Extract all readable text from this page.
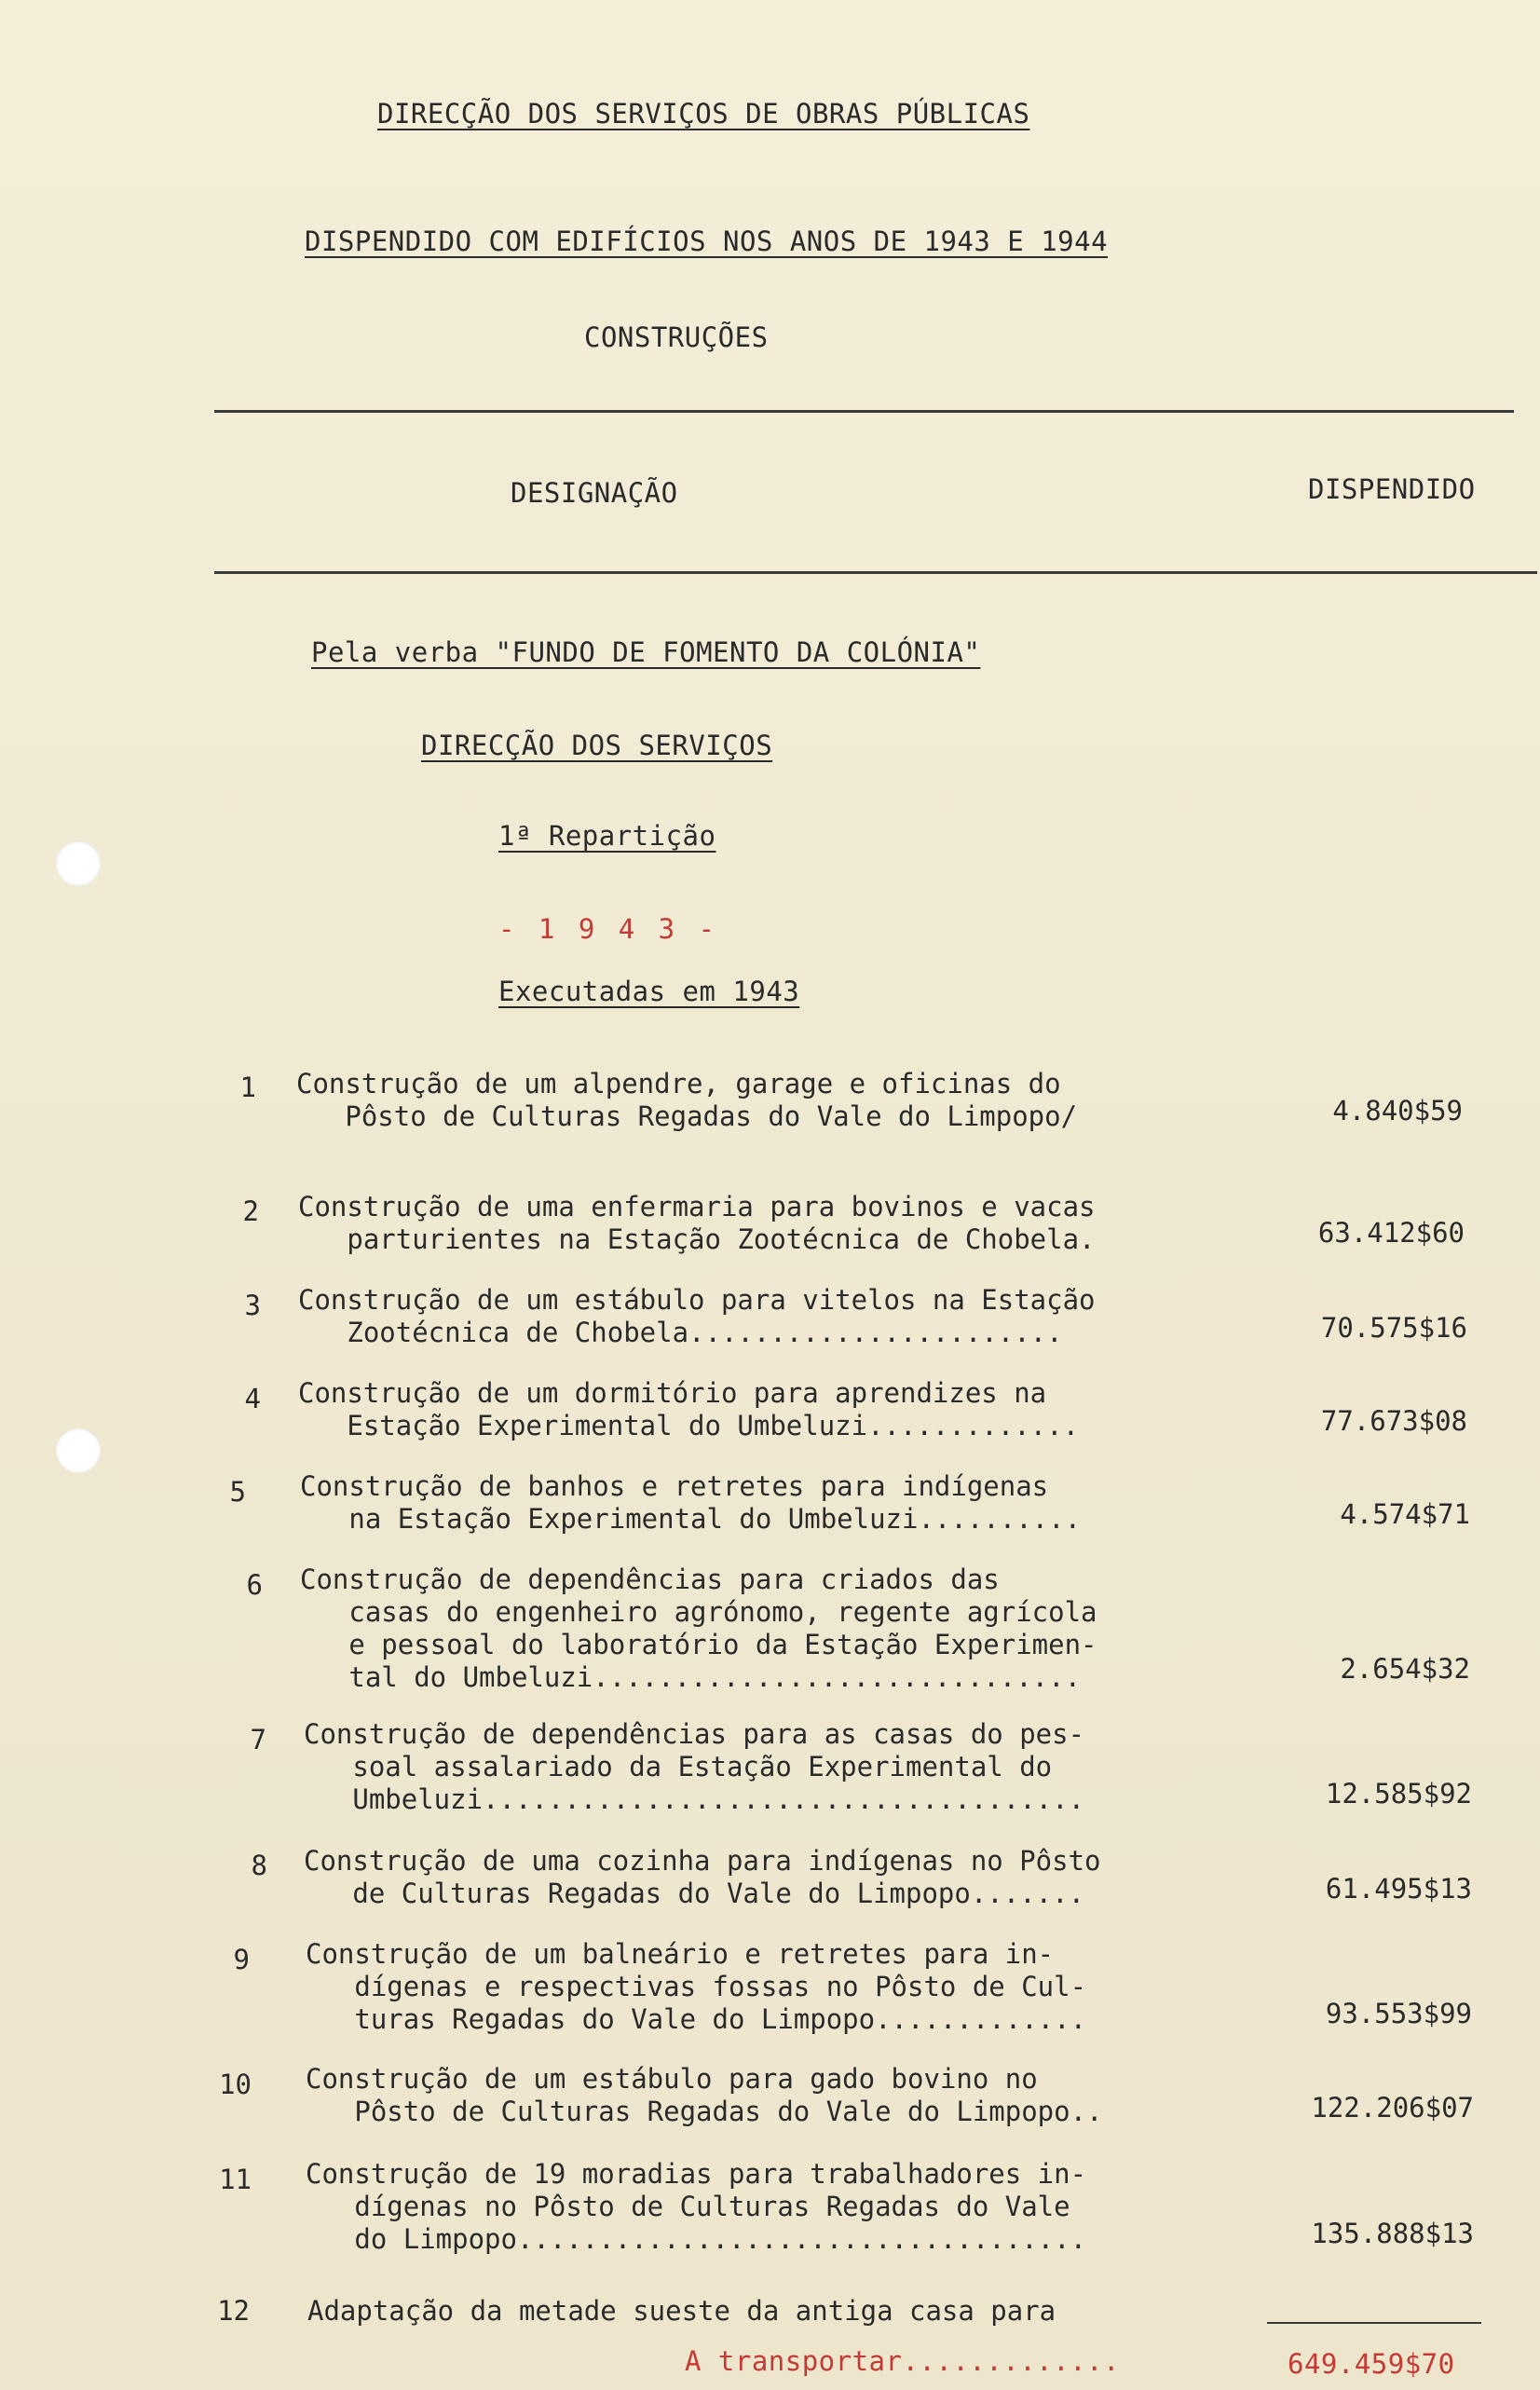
DIRECÇÃO DOS SERVIÇOS DE OBRAS PÚBLICAS
DISPENDIDO COM EDIFÍCIOS NOS ANOS DE 1943 E 1944
CONSTRUÇÕES
DESIGNAÇÃO	DISPENDIDO
Pela verba "FUNDO DE FOMENTO DA COLÓNIA"
DIRECÇÃO DOS SERVIÇOS
1ª Repartição
- 1 9 4 3 -
Executadas em 1943
1 Construção de um alpendre, garage e oficinas do
Pôsto de Culturas Regadas do Vale do Limpopo/	4.840$59
2 Construção de uma enfermaria para bovinos e vacas
parturientes na Estação Zootécnica de Chobela.	63.412$60
3 Construção de um estábulo para vitelos na Estação
Zootécnica de Chobela.......................	70.575$16
4 Construção de um dormitório para aprendizes na
Estação Experimental do Umbeluzi.............	77.673$08
5 Construção de banhos e retretes para indígenas
na Estação Experimental do Umbeluzi..........	4.574$71
6 Construção de dependências para criados das
casas do engenheiro agrónomo, regente agrícola
e pessoal do laboratório da Estação Experimen-
tal do Umbeluzi..............................	2.654$32
7 Construção de dependências para as casas do pes-
soal assalariado da Estação Experimental do
Umbeluzi.....................................	12.585$92
8 Construção de uma cozinha para indígenas no Pôsto
de Culturas Regadas do Vale do Limpopo.......	61.495$13
9 Construção de um balneário e retretes para in-
dígenas e respectivas fossas no Pôsto de Cul-
turas Regadas do Vale do Limpopo.............	93.553$99
10 Construção de um estábulo para gado bovino no
Pôsto de Culturas Regadas do Vale do Limpopo..	122.206$07
11 Construção de 19 moradias para trabalhadores in-
dígenas no Pôsto de Culturas Regadas do Vale
do Limpopo...................................	135.888$13
12 Adaptação da metade sueste da antiga casa para
A transportar.............	649.459$70
